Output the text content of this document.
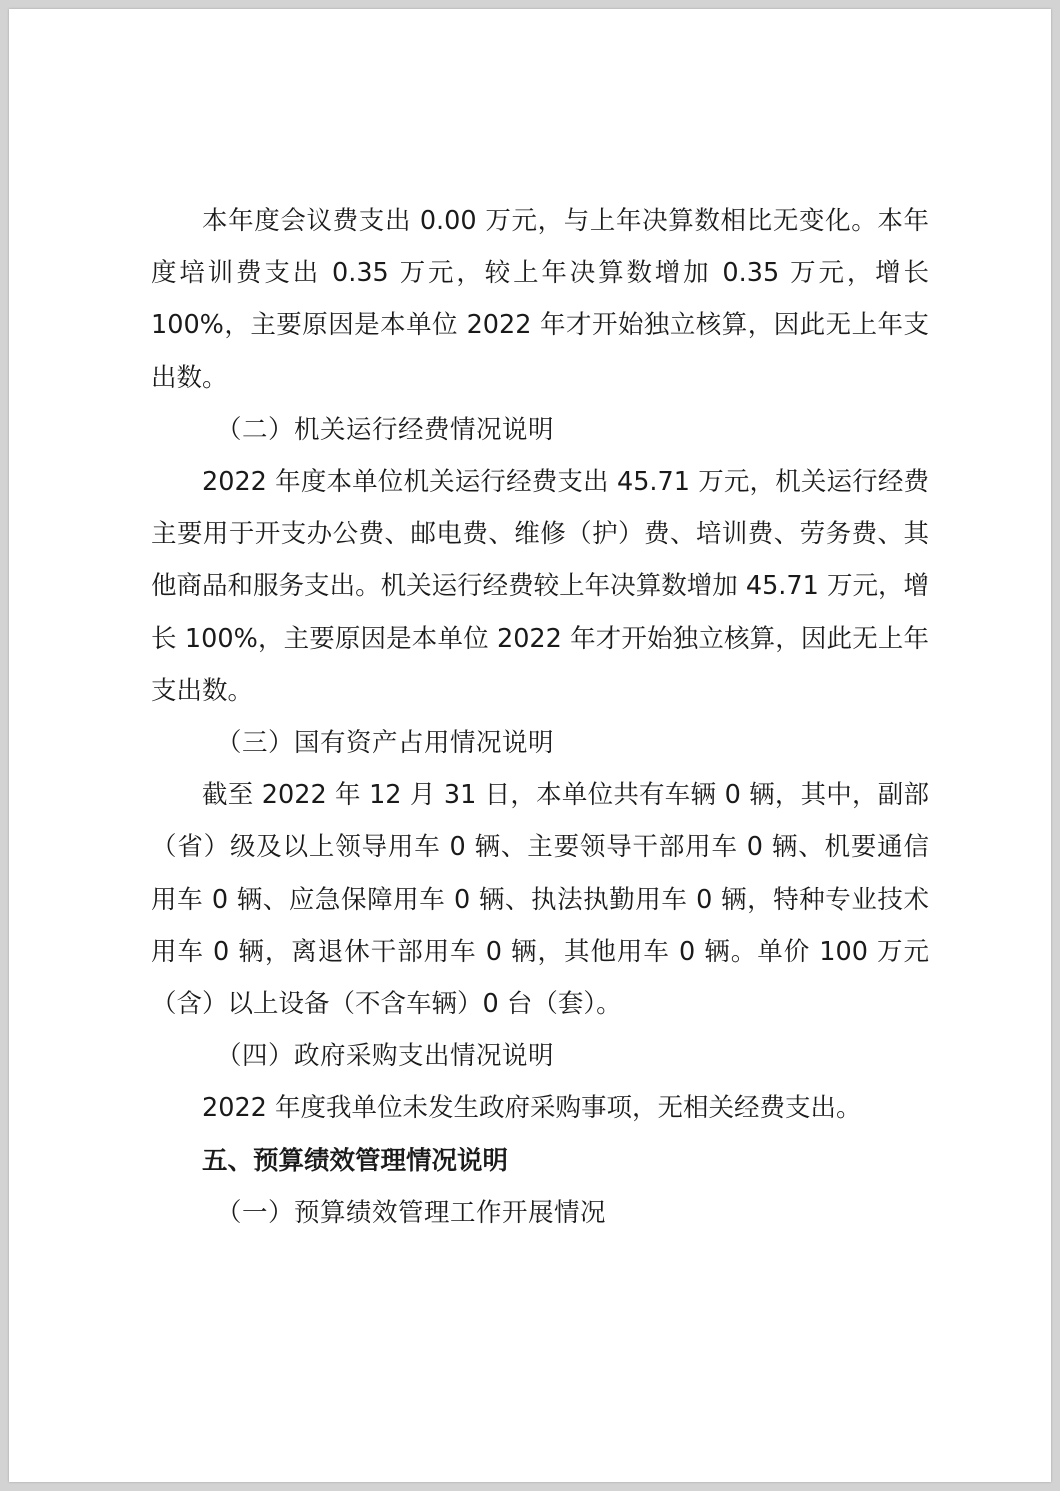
本年度会议费支出 0.00 万元，与上年决算数相比无变化。本年度培训费支出 0.35 万元，较上年决算数增加 0.35 万元，增长 100%，主要原因是本单位 2022 年才开始独立核算，因此无上年支出数。

（二）机关运行经费情况说明

2022 年度本单位机关运行经费支出 45.71 万元，机关运行经费主要用于开支办公费、邮电费、维修（护）费、培训费、劳务费、其他商品和服务支出。机关运行经费较上年决算数增加 45.71 万元，增长 100%，主要原因是本单位 2022 年才开始独立核算，因此无上年支出数。

（三）国有资产占用情况说明

截至 2022 年 12 月 31 日，本单位共有车辆 0 辆，其中，副部（省）级及以上领导用车 0 辆、主要领导干部用车 0 辆、机要通信用车 0 辆、应急保障用车 0 辆、执法执勤用车 0 辆，特种专业技术用车 0 辆，离退休干部用车 0 辆，其他用车 0 辆。单价 100 万元（含）以上设备（不含车辆）0 台（套）。

（四）政府采购支出情况说明

2022 年度我单位未发生政府采购事项，无相关经费支出。

五、预算绩效管理情况说明

（一）预算绩效管理工作开展情况
